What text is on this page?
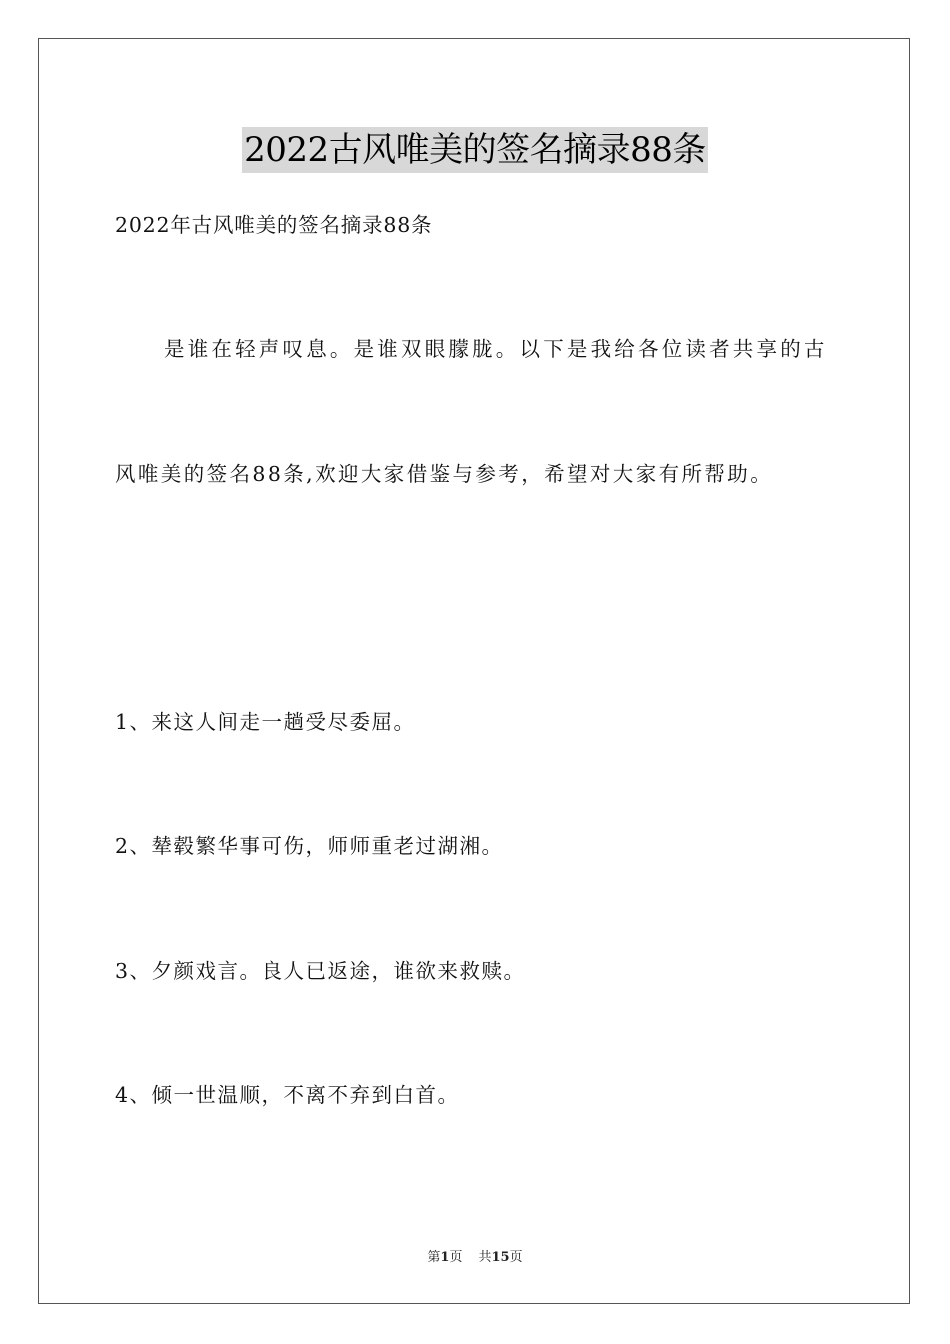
2022古风唯美的签名摘录88条
2022年古风唯美的签名摘录88条
是谁在轻声叹息。是谁双眼朦胧。以下是我给各位读者共享的古
风唯美的签名88条,欢迎大家借鉴与参考，希望对大家有所帮助。
1、来这人间走一趟受尽委屈。
2、辇毂繁华事可伤，师师重老过湖湘。
3、夕颜戏言。良人已返途，谁欲来救赎。
4、倾一世温顺，不离不弃到白首。
第1页 共15页
